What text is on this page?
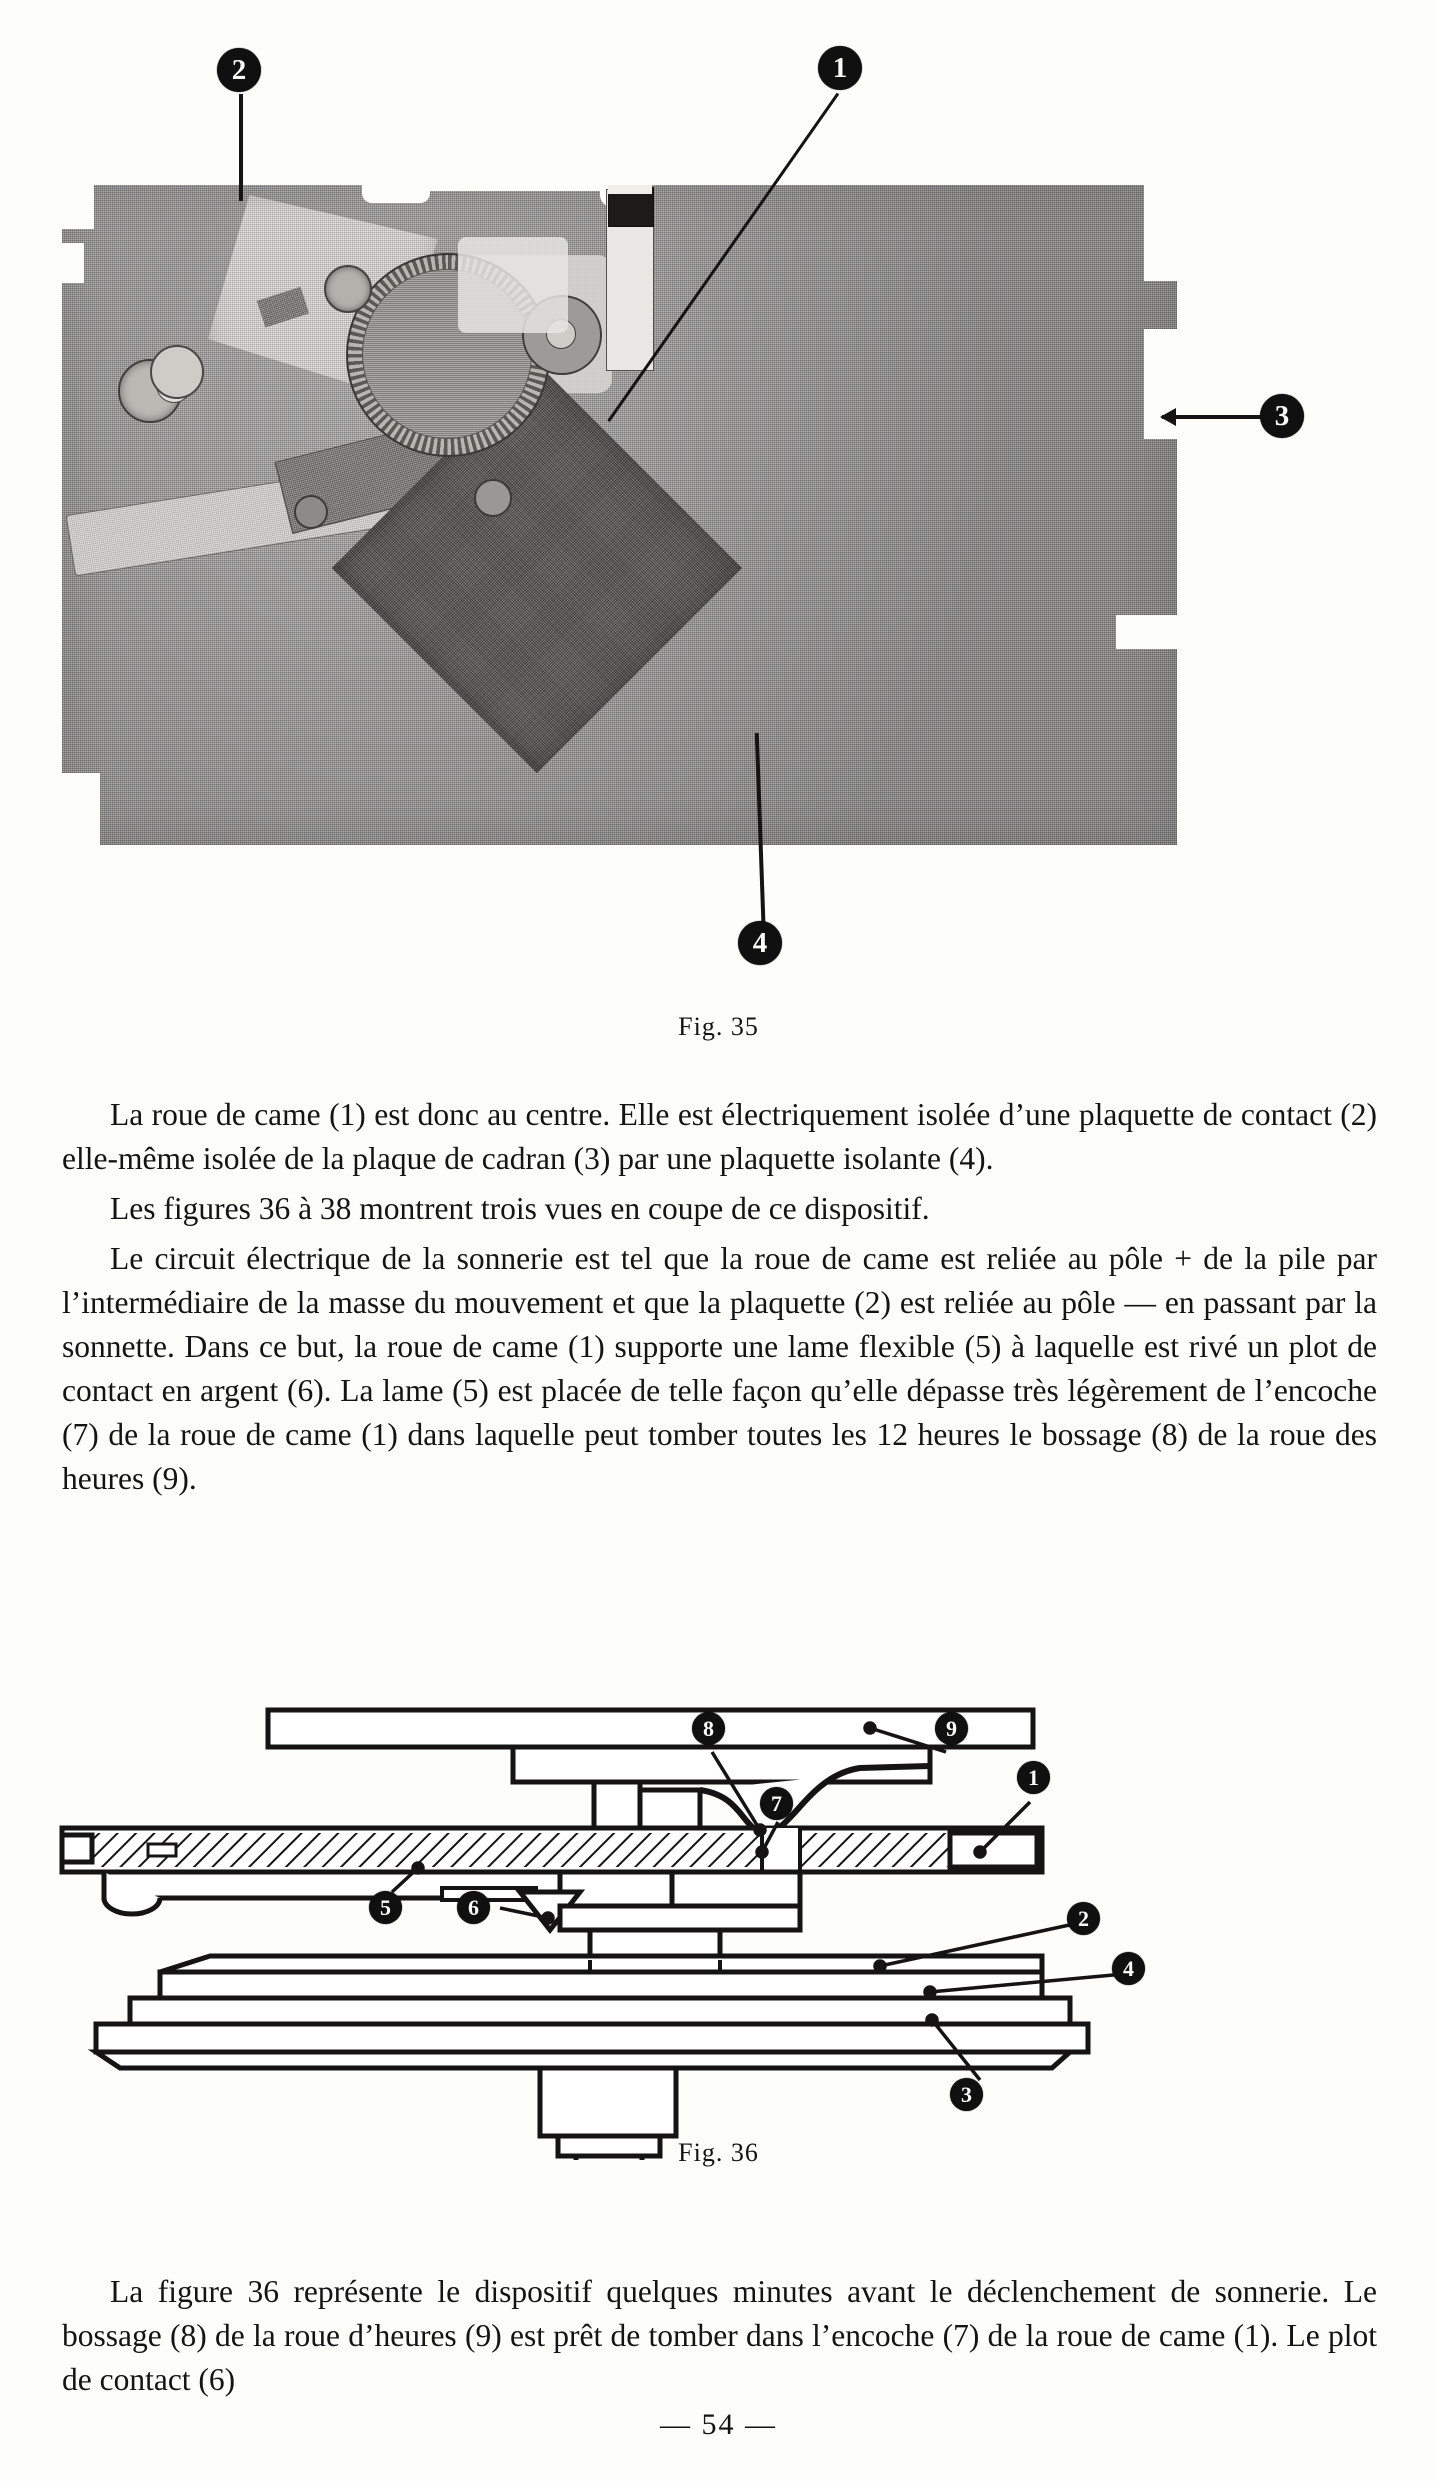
2	1
3
4
Fig. 35

La roue de came (1) est donc au centre. Elle est électriquement isolée d’une plaquette de contact (2) elle-même isolée de la plaque de cadran (3) par une plaquette isolante (4).

Les figures 36 à 38 montrent trois vues en coupe de ce dispositif.

Le circuit électrique de la sonnerie est tel que la roue de came est reliée au pôle + de la pile par l’intermédiaire de la masse du mouvement et que la plaquette (2) est reliée au pôle — en passant par la sonnette. Dans ce but, la roue de came (1) supporte une lame flexible (5) à laquelle est rivé un plot de contact en argent (6). La lame (5) est placée de telle façon qu’elle dépasse très légèrement de l’encoche (7) de la roue de came (1) dans laquelle peut tomber toutes les 12 heures le bossage (8) de la roue des heures (9).

8	9
1
7
5	6	2
4
3
Fig. 36

La figure 36 représente le dispositif quelques minutes avant le déclenchement de sonnerie. Le bossage (8) de la roue d’heures (9) est prêt de tomber dans l’encoche (7) de la roue de came (1). Le plot de contact (6)

— 54 —
